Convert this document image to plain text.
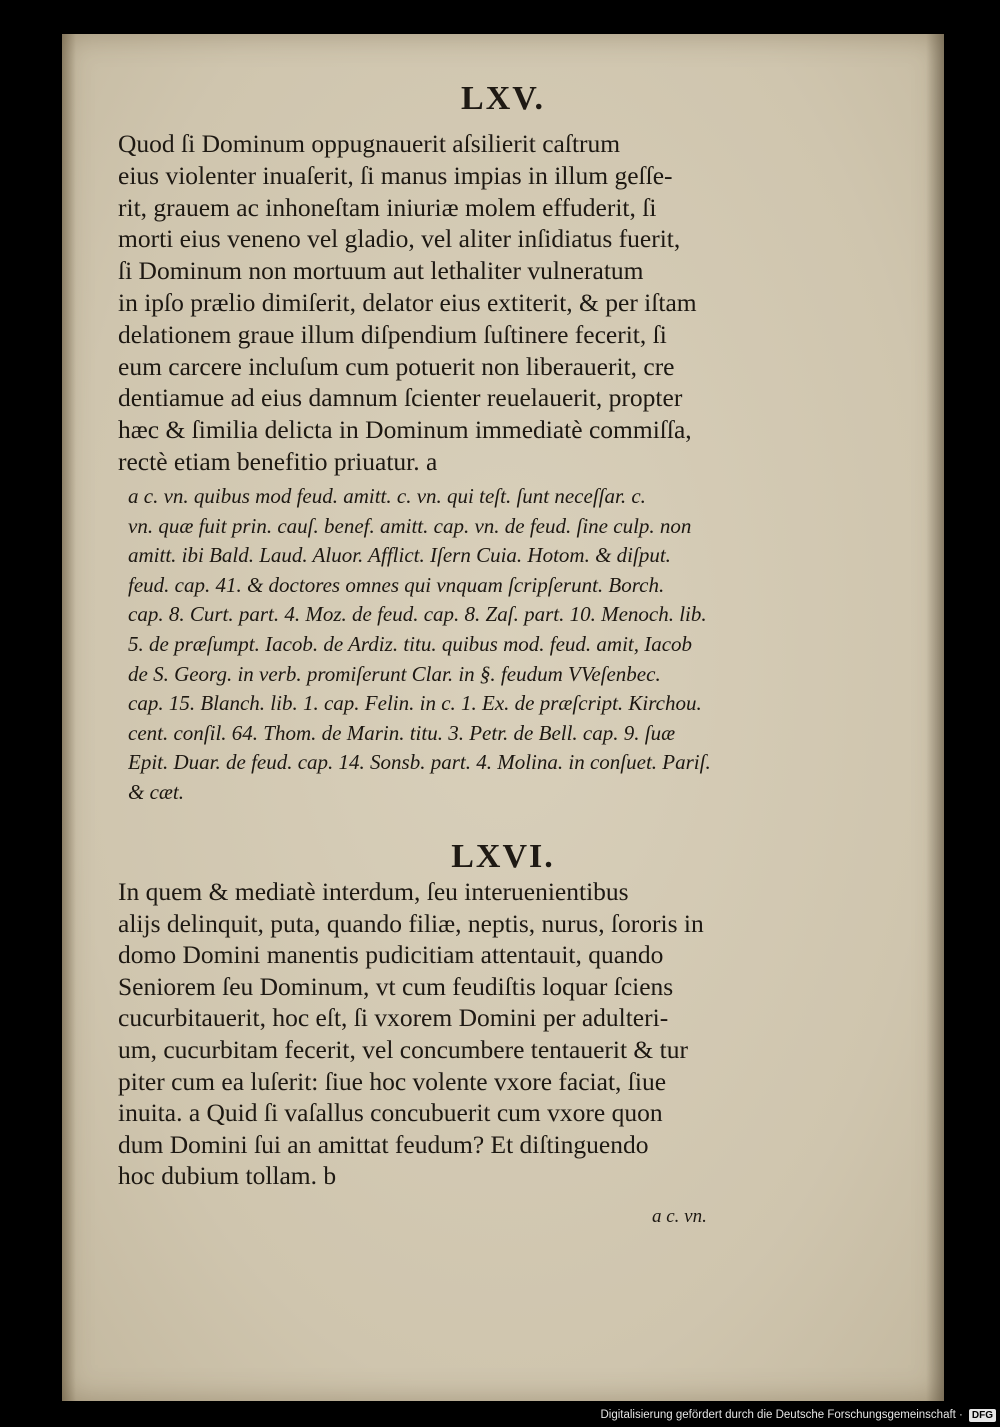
LXV.
Quod ſi Dominum oppugnauerit aſsilierit caſtrum
eius violenter inuaſerit, ſi manus impias in illum geſſe-
rit, grauem ac inhoneſtam iniuriæ molem effuderit, ſi
morti eius veneno vel gladio, vel aliter inſidiatus fuerit,
ſi Dominum non mortuum aut lethaliter vulneratum
in ipſo prælio dimiſerit, delator eius extiterit, & per iſtam
delationem graue illum diſpendium ſuſtinere fecerit, ſi
eum carcere incluſum cum potuerit non liberauerit, cre
dentiamue ad eius damnum ſcienter reuelauerit, propter
hæc & ſimilia delicta in Dominum immediatè commiſſa,
rectè etiam benefitio priuatur. a
a c. vn. quibus mod feud. amitt. c. vn. qui teſt. ſunt neceſſar. c.
vn. quæ fuit prin. cauſ. benef. amitt. cap. vn. de feud. ſine culp. non
amitt. ibi Bald. Laud. Aluor. Afflict. Iſern Cuia. Hotom. & diſput.
feud. cap. 41. & doctores omnes qui vnquam ſcripſerunt. Borch.
cap. 8. Curt. part. 4. Moz. de feud. cap. 8. Zaſ. part. 10. Menoch. lib.
5. de præſumpt. Iacob. de Ardiz. titu. quibus mod. feud. amit, Iacob
de S. Georg. in verb. promiſerunt Clar. in §. feudum VVeſenbec.
cap. 15. Blanch. lib. 1. cap. Felin. in c. 1. Ex. de præſcript. Kirchou.
cent. conſil. 64. Thom. de Marin. titu. 3. Petr. de Bell. cap. 9. ſuæ
Epit. Duar. de feud. cap. 14. Sonsb. part. 4. Molina. in conſuet. Pariſ.
& cæt.
LXVI.
In quem & mediatè interdum, ſeu interuenientibus
alijs delinquit, puta, quando filiæ, neptis, nurus, ſororis in
domo Domini manentis pudicitiam attentauit, quando
Seniorem ſeu Dominum, vt cum feudiſtis loquar ſciens
cucurbitauerit, hoc eſt, ſi vxorem Domini per adulteri-
um, cucurbitam fecerit, vel concumbere tentauerit & tur
piter cum ea luſerit: ſiue hoc volente vxore faciat, ſiue
inuita. a Quid ſi vaſallus concubuerit cum vxore quon
dum Domini ſui an amittat feudum? Et diſtinguendo
hoc dubium tollam. b

a c. vn.

Digitalisierung gefördert durch die Deutsche Forschungsgemeinschaft · DFG
